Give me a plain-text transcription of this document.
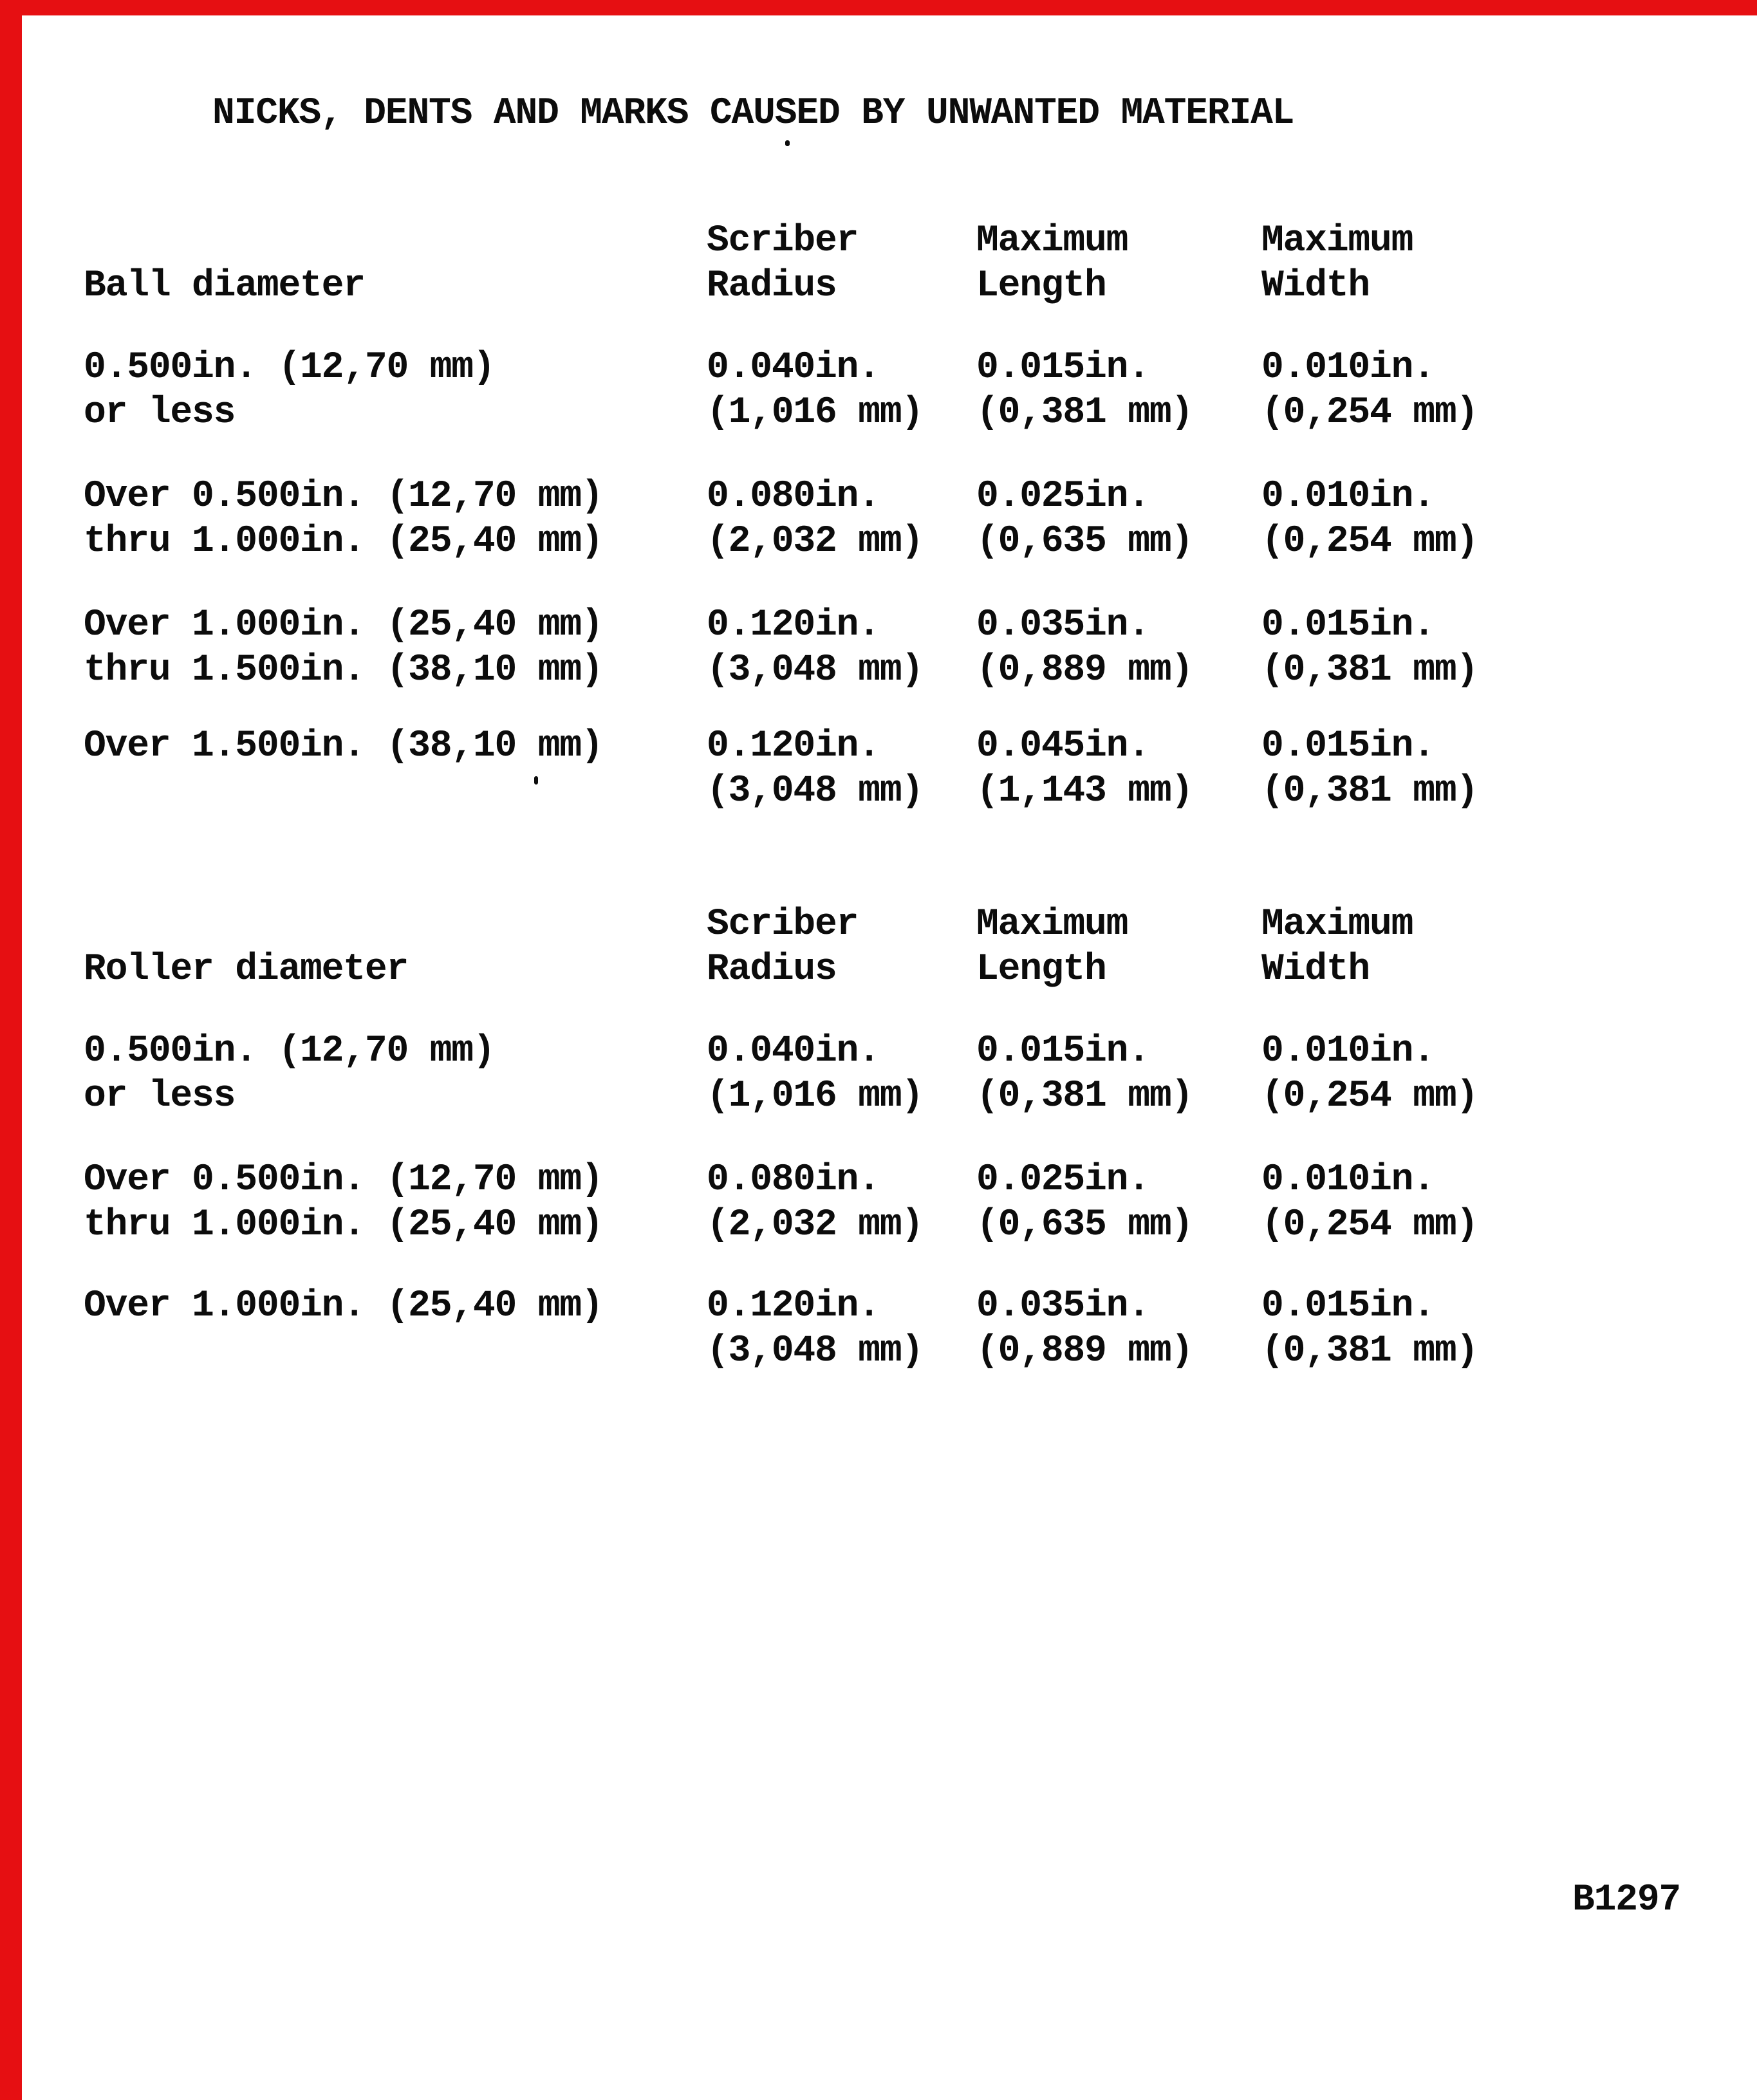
NICKS, DENTS AND MARKS CAUSED BY UNWANTED MATERIAL
Scriber
Radius
Maximum
Length
Maximum
Width
Ball diameter
0.500in. (12,70 mm)
or less
0.040in.
(1,016 mm)
0.015in.
(0,381 mm)
0.010in.
(0,254 mm)
Over 0.500in. (12,70 mm)
thru 1.000in. (25,40 mm)
0.080in.
(2,032 mm)
0.025in.
(0,635 mm)
0.010in.
(0,254 mm)
Over 1.000in. (25,40 mm)
thru 1.500in. (38,10 mm)
0.120in.
(3,048 mm)
0.035in.
(0,889 mm)
0.015in.
(0,381 mm)
Over 1.500in. (38,10 mm)	0.120in.
(3,048 mm)
0.045in.
(1,143 mm)
0.015in.
(0,381 mm)
Scriber
Radius
Maximum
Length
Maximum
Width
Roller diameter
0.500in. (12,70 mm)
or less
0.040in.
(1,016 mm)
0.015in.
(0,381 mm)
0.010in.
(0,254 mm)
Over 0.500in. (12,70 mm)
thru 1.000in. (25,40 mm)
0.080in.
(2,032 mm)
0.025in.
(0,635 mm)
0.010in.
(0,254 mm)
Over 1.000in. (25,40 mm)	0.120in.
(3,048 mm)
0.035in.
(0,889 mm)
0.015in.
(0,381 mm)
B1297
